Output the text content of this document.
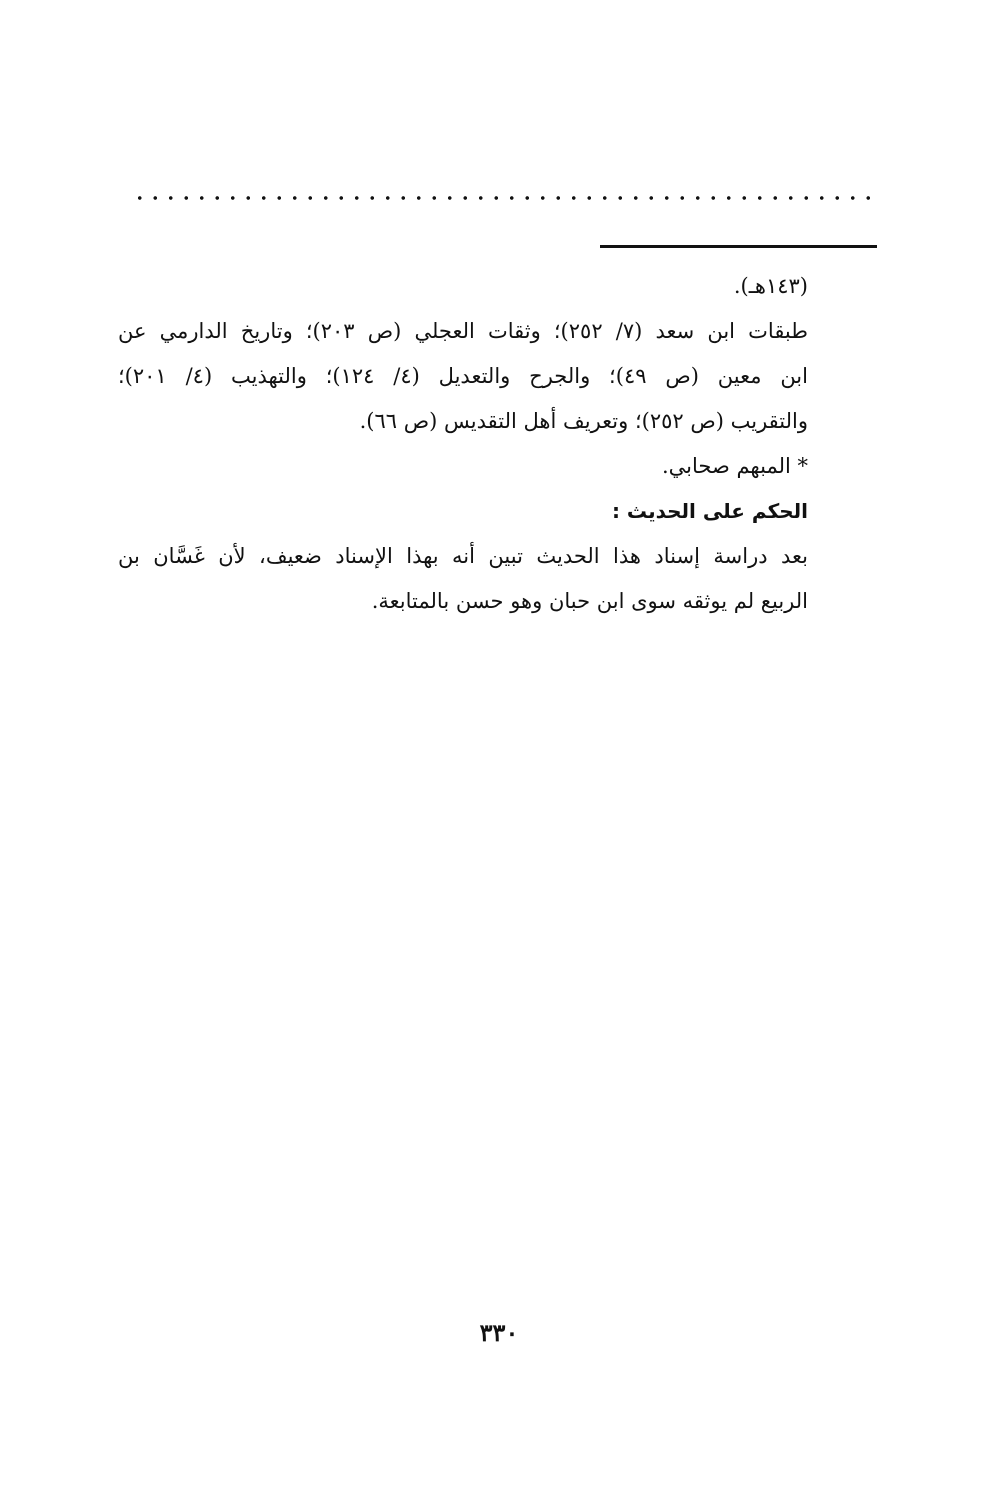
(١٤٣هـ).
طبقات ابن سعد (٧/ ٢٥٢)؛ وثقات العجلي (ص ٢٠٣)؛ وتاريخ الدارمي عن
ابن معين (ص ٤٩)؛ والجرح والتعديل (٤/ ١٢٤)؛ والتهذيب (٤/ ٢٠١)؛
والتقريب (ص ٢٥٢)؛ وتعريف أهل التقديس (ص ٦٦).
* المبهم صحابي.
الحكم على الحديث :
بعد دراسة إسناد هذا الحديث تبين أنه بهذا الإسناد ضعيف، لأن غَسَّان بن
الربيع لم يوثقه سوى ابن حبان وهو حسن بالمتابعة.
٣٣٠
